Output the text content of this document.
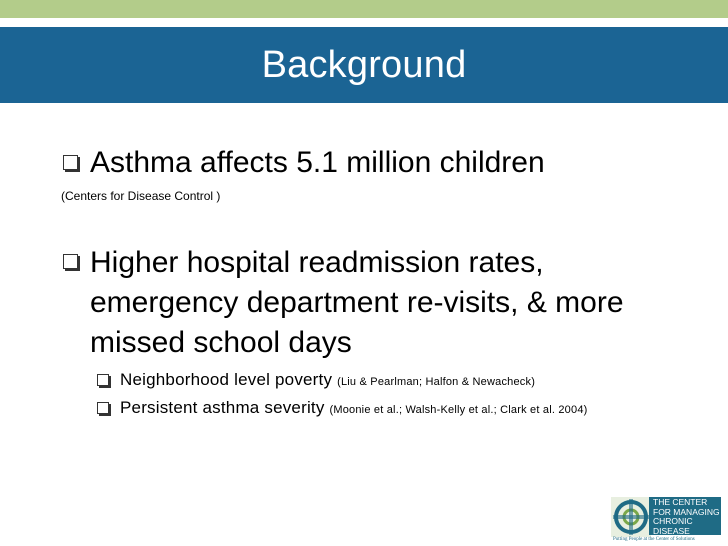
Background
Asthma affects 5.1 million children
(Centers for Disease Control )
Higher hospital readmission rates,
emergency department re-visits, & more
missed school days
Neighborhood level poverty (Liu & Pearlman; Halfon & Newacheck)
Persistent asthma severity (Moonie et al.; Walsh-Kelly et al.; Clark et al. 2004)
THE CENTER
FOR MANAGING
CHRONIC DISEASE
Putting People at the Center of Solutions
